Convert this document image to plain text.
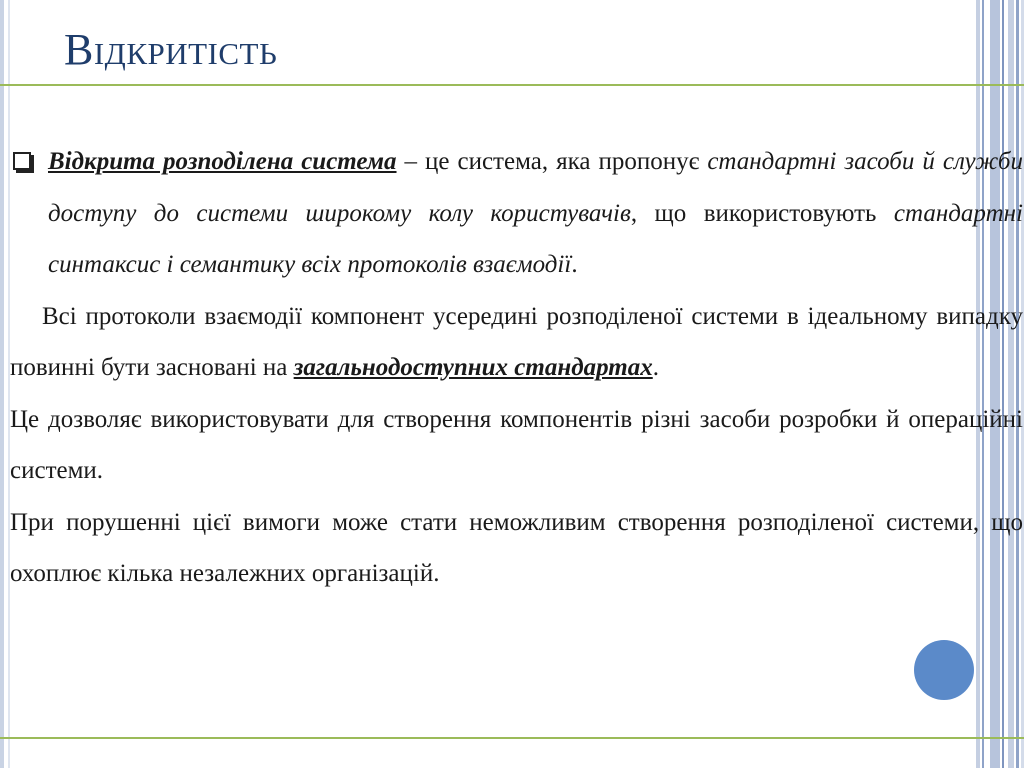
Відкритість

Відкрита розподілена система – це система, яка пропонує стандартні засоби й служби доступу до системи широкому колу користувачів, що використовують стандартні синтаксис і семантику всіх протоколів взаємодії.

Всі протоколи взаємодії компонент усередині розподіленої системи в ідеальному випадку повинні бути засновані на загальнодоступних стандартах.

Це дозволяє використовувати для створення компонентів різні засоби розробки й операційні системи.

При порушенні цієї вимоги може стати неможливим створення розподіленої системи, що охоплює кілька незалежних організацій.
